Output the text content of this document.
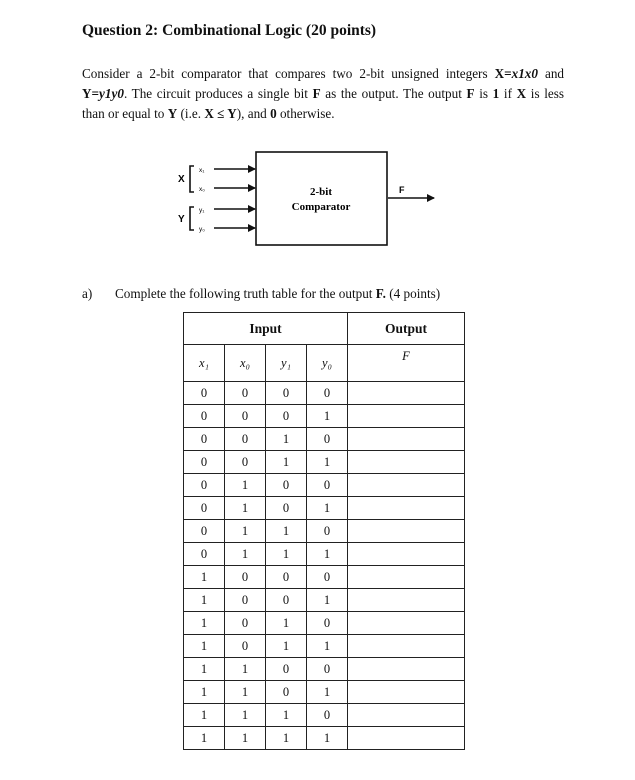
Question 2: Combinational Logic (20 points)
Consider a 2-bit comparator that compares two 2-bit unsigned integers X=x1x0 and Y=y1y0. The circuit produces a single bit F as the output. The output F is 1 if X is less than or equal to Y (i.e. X ≤ Y), and 0 otherwise.
2-bit
Comparator
X
x₁
x₀
Y
y₁
y₀
F
a) Complete the following truth table for the output F. (4 points)
Input				Output
x₁	x₀	y₁	y₀	F
0	0	0	0	
0	0	0	1	
0	0	1	0	
0	0	1	1	
0	1	0	0	
0	1	0	1	
0	1	1	0	
0	1	1	1	
1	0	0	0	
1	0	0	1	
1	0	1	0	
1	0	1	1	
1	1	0	0	
1	1	0	1	
1	1	1	0	
1	1	1	1	
